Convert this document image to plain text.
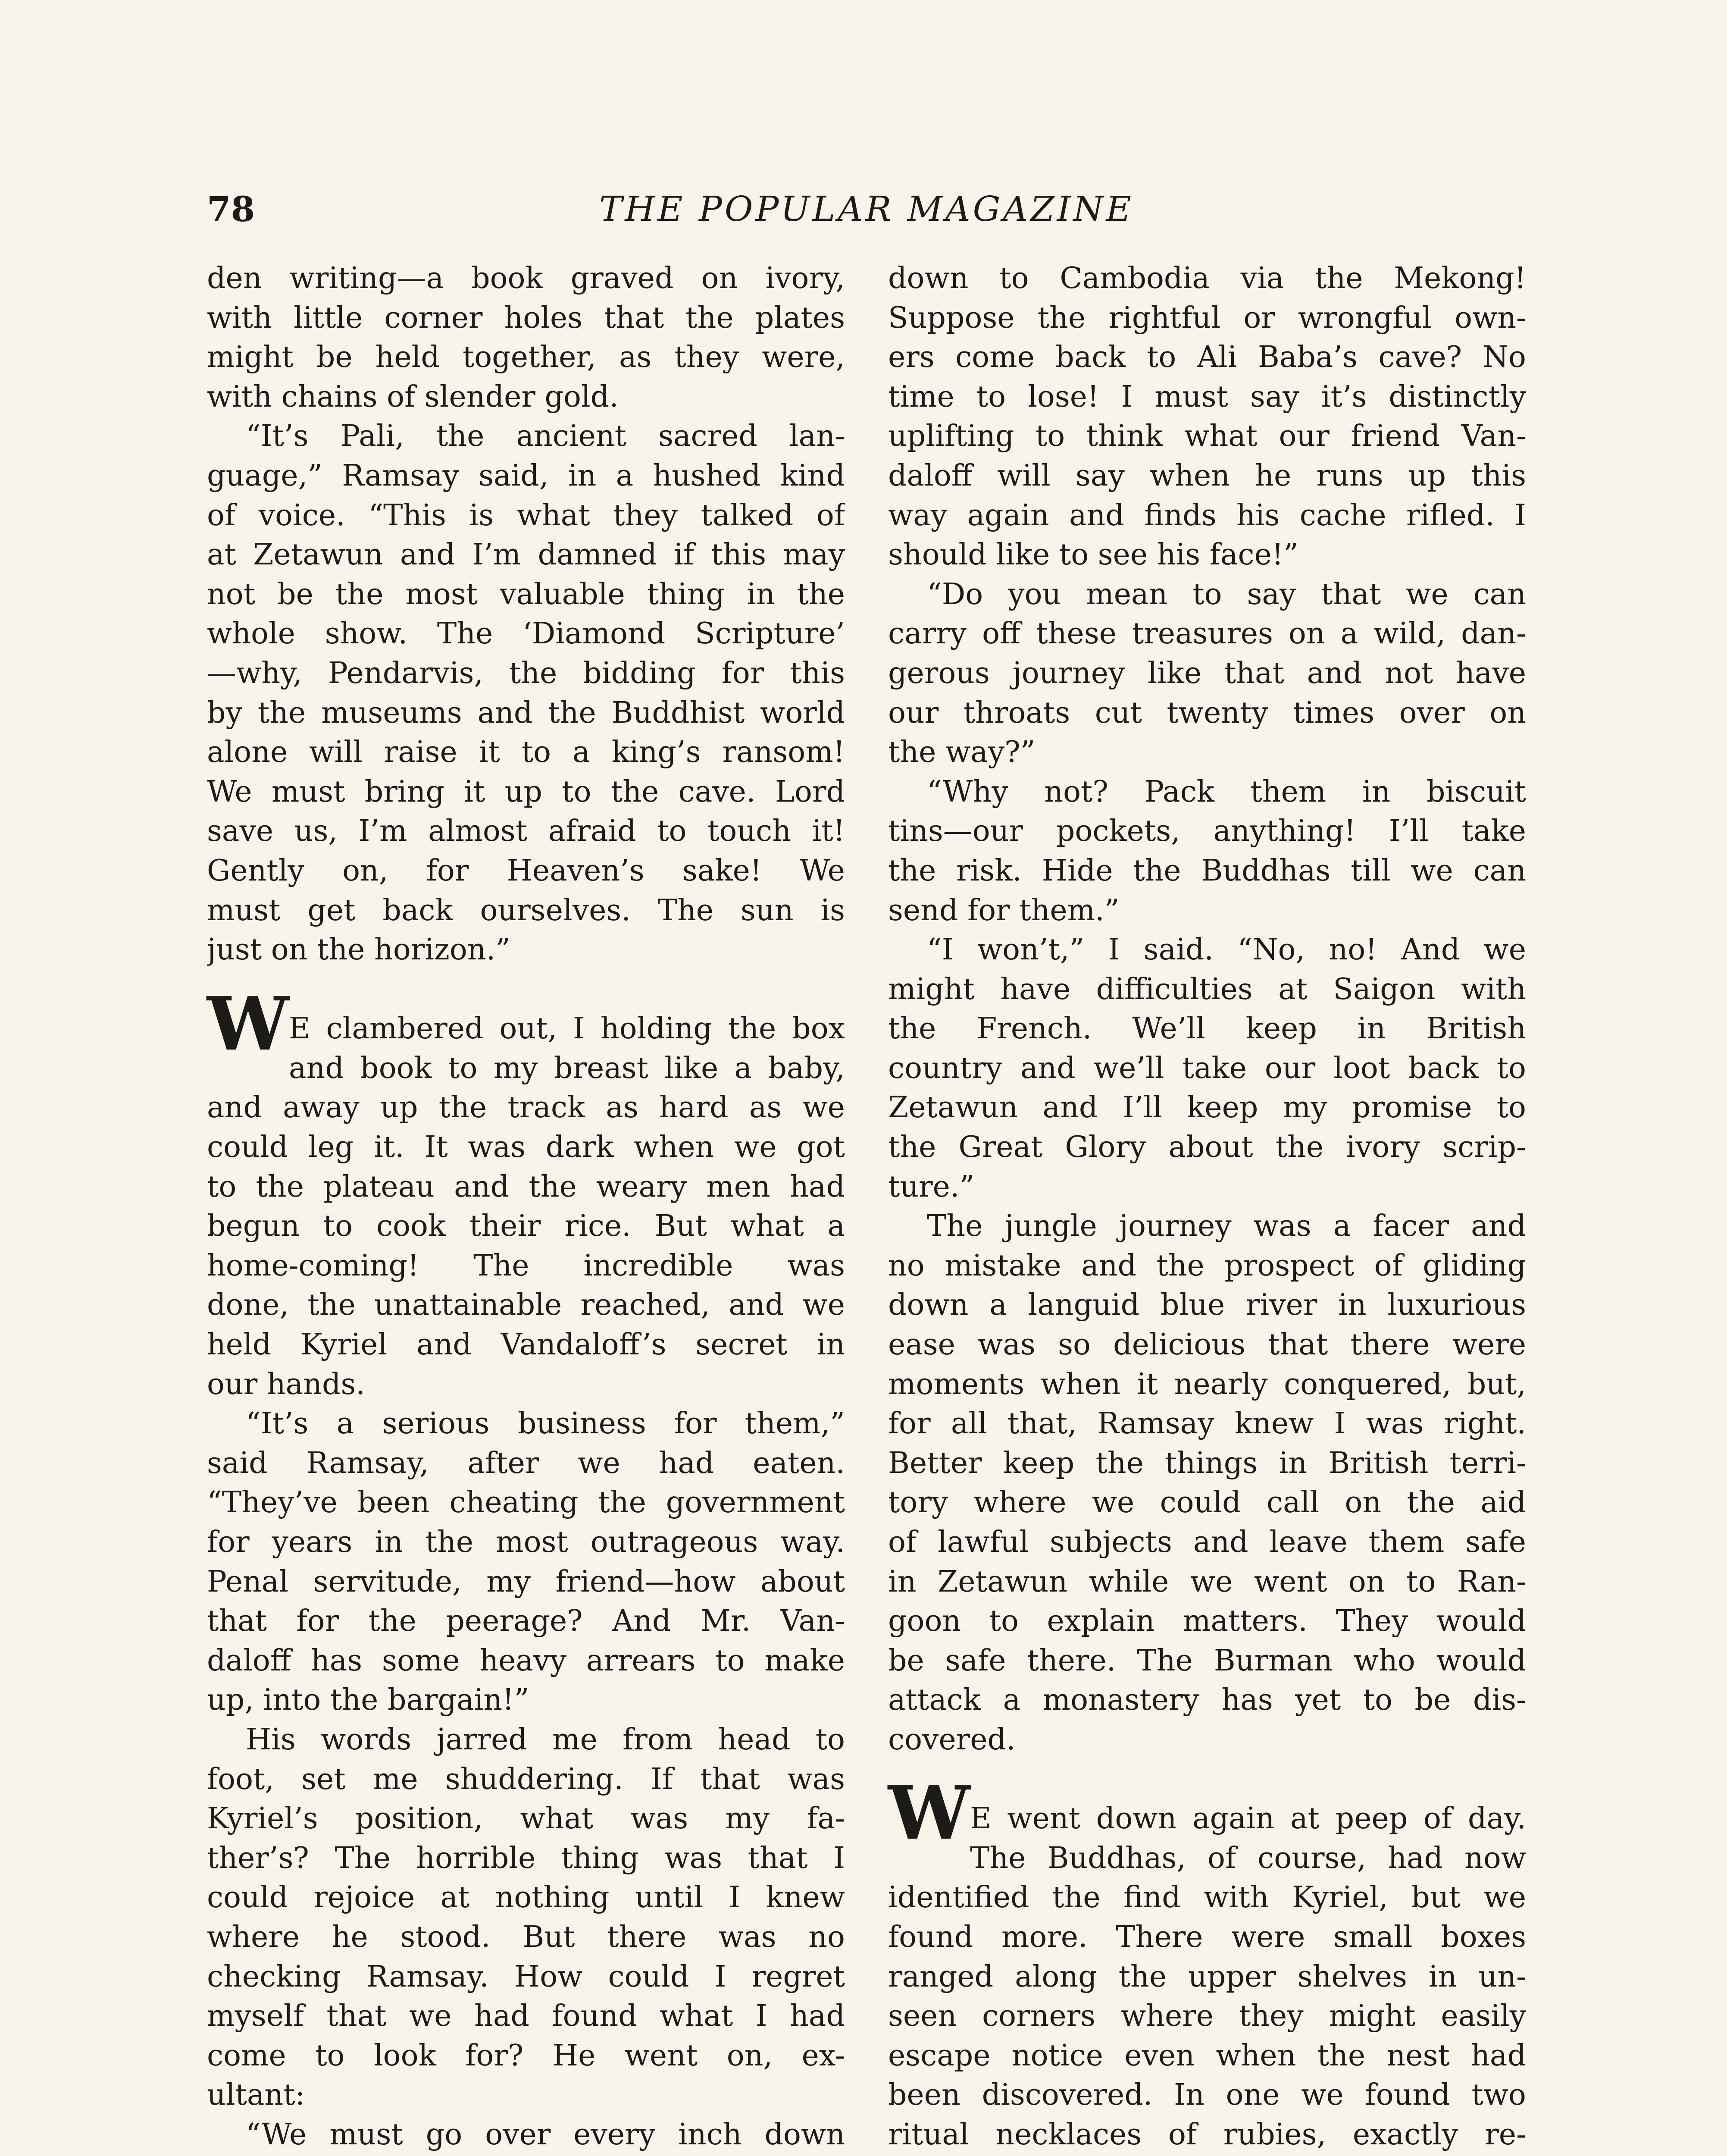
78	THE POPULAR MAGAZINE
den writing—a book graved on ivory,
with little corner holes that the plates
might be held together, as they were,
with chains of slender gold.
“It’s Pali, the ancient sacred lan-
guage,” Ramsay said, in a hushed kind
of voice. “This is what they talked of
at Zetawun and I’m damned if this may
not be the most valuable thing in the
whole show. The ‘Diamond Scripture’
—why, Pendarvis, the bidding for this
by the museums and the Buddhist world
alone will raise it to a king’s ransom!
We must bring it up to the cave. Lord
save us, I’m almost afraid to touch it!
Gently on, for Heaven’s sake! We
must get back ourselves. The sun is
just on the horizon.”
W E clambered out, I holding the box
and book to my breast like a baby,
and away up the track as hard as we
could leg it. It was dark when we got
to the plateau and the weary men had
begun to cook their rice. But what a
home-coming! The incredible was
done, the unattainable reached, and we
held Kyriel and Vandaloff’s secret in
our hands.
“It’s a serious business for them,”
said Ramsay, after we had eaten.
“They’ve been cheating the government
for years in the most outrageous way.
Penal servitude, my friend—how about
that for the peerage? And Mr. Van-
daloff has some heavy arrears to make
up, into the bargain!”
His words jarred me from head to
foot, set me shuddering. If that was
Kyriel’s position, what was my fa-
ther’s? The horrible thing was that I
could rejoice at nothing until I knew
where he stood. But there was no
checking Ramsay. How could I regret
myself that we had found what I had
come to look for? He went on, ex-
ultant:
“We must go over every inch down
down to Cambodia via the Mekong!
Suppose the rightful or wrongful own-
ers come back to Ali Baba’s cave? No
time to lose! I must say it’s distinctly
uplifting to think what our friend Van-
daloff will say when he runs up this
way again and finds his cache rifled. I
should like to see his face!”
“Do you mean to say that we can
carry off these treasures on a wild, dan-
gerous journey like that and not have
our throats cut twenty times over on
the way?”
“Why not? Pack them in biscuit
tins—our pockets, anything! I’ll take
the risk. Hide the Buddhas till we can
send for them.”
“I won’t,” I said. “No, no! And we
might have difficulties at Saigon with
the French. We’ll keep in British
country and we’ll take our loot back to
Zetawun and I’ll keep my promise to
the Great Glory about the ivory scrip-
ture.”
The jungle journey was a facer and
no mistake and the prospect of gliding
down a languid blue river in luxurious
ease was so delicious that there were
moments when it nearly conquered, but,
for all that, Ramsay knew I was right.
Better keep the things in British terri-
tory where we could call on the aid
of lawful subjects and leave them safe
in Zetawun while we went on to Ran-
goon to explain matters. They would
be safe there. The Burman who would
attack a monastery has yet to be dis-
covered.
W E went down again at peep of day.
The Buddhas, of course, had now
identified the find with Kyriel, but we
found more. There were small boxes
ranged along the upper shelves in un-
seen corners where they might easily
escape notice even when the nest had
been discovered. In one we found two
ritual necklaces of rubies, exactly re-
